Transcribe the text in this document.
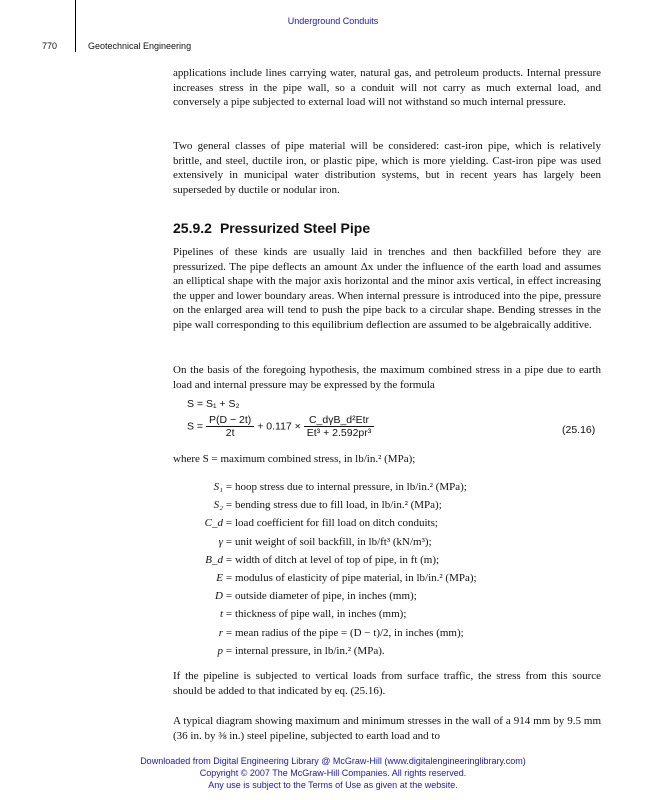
Underground Conduits
770	Geotechnical Engineering

applications include lines carrying water, natural gas, and petroleum products. Internal pressure increases stress in the pipe wall, so a conduit will not carry as much external load, and conversely a pipe subjected to external load will not withstand so much internal pressure.

Two general classes of pipe material will be considered: cast-iron pipe, which is relatively brittle, and steel, ductile iron, or plastic pipe, which is more yielding. Cast-iron pipe was used extensively in municipal water distribution systems, but in recent years has largely been superseded by ductile or nodular iron.

25.9.2 Pressurized Steel Pipe

Pipelines of these kinds are usually laid in trenches and then backfilled before they are pressurized. The pipe deflects an amount Δx under the influence of the earth load and assumes an elliptical shape with the major axis horizontal and the minor axis vertical, in effect increasing the upper and lower boundary areas. When internal pressure is introduced into the pipe, pressure on the enlarged area will tend to push the pipe back to a circular shape. Bending stresses in the pipe wall corresponding to this equilibrium deflection are assumed to be algebraically additive.

On the basis of the foregoing hypothesis, the maximum combined stress in a pipe due to earth load and internal pressure may be expressed by the formula

S = S₁ + S₂
$S = \frac{P(D - 2t)}{2t} + 0.117 \times \frac{\text{C\_dγB\_d²Etr}}{\text{Et³ + 2.592pr³}}$	(25.16)

where S = maximum combined stress, in lb/in.² (MPa);

S₁ = hoop stress due to internal pressure, in lb/in.² (MPa);
S₂ = bending stress due to fill load, in lb/in.² (MPa);
C_d = load coefficient for fill load on ditch conduits;
γ = unit weight of soil backfill, in lb/ft³ (kN/m³);
B_d = width of ditch at level of top of pipe, in ft (m);
E = modulus of elasticity of pipe material, in lb/in.² (MPa);
D = outside diameter of pipe, in inches (mm);
t = thickness of pipe wall, in inches (mm);
r = mean radius of the pipe = (D − t)/2, in inches (mm);
p = internal pressure, in lb/in.² (MPa).

If the pipeline is subjected to vertical loads from surface traffic, the stress from this source should be added to that indicated by eq. (25.16).

A typical diagram showing maximum and minimum stresses in the wall of a 914 mm by 9.5 mm (36 in. by ⅜ in.) steel pipeline, subjected to earth load and to

Downloaded from Digital Engineering Library @ McGraw-Hill (www.digitalengineeringlibrary.com)
Copyright © 2007 The McGraw-Hill Companies. All rights reserved.
Any use is subject to the Terms of Use as given at the website.
